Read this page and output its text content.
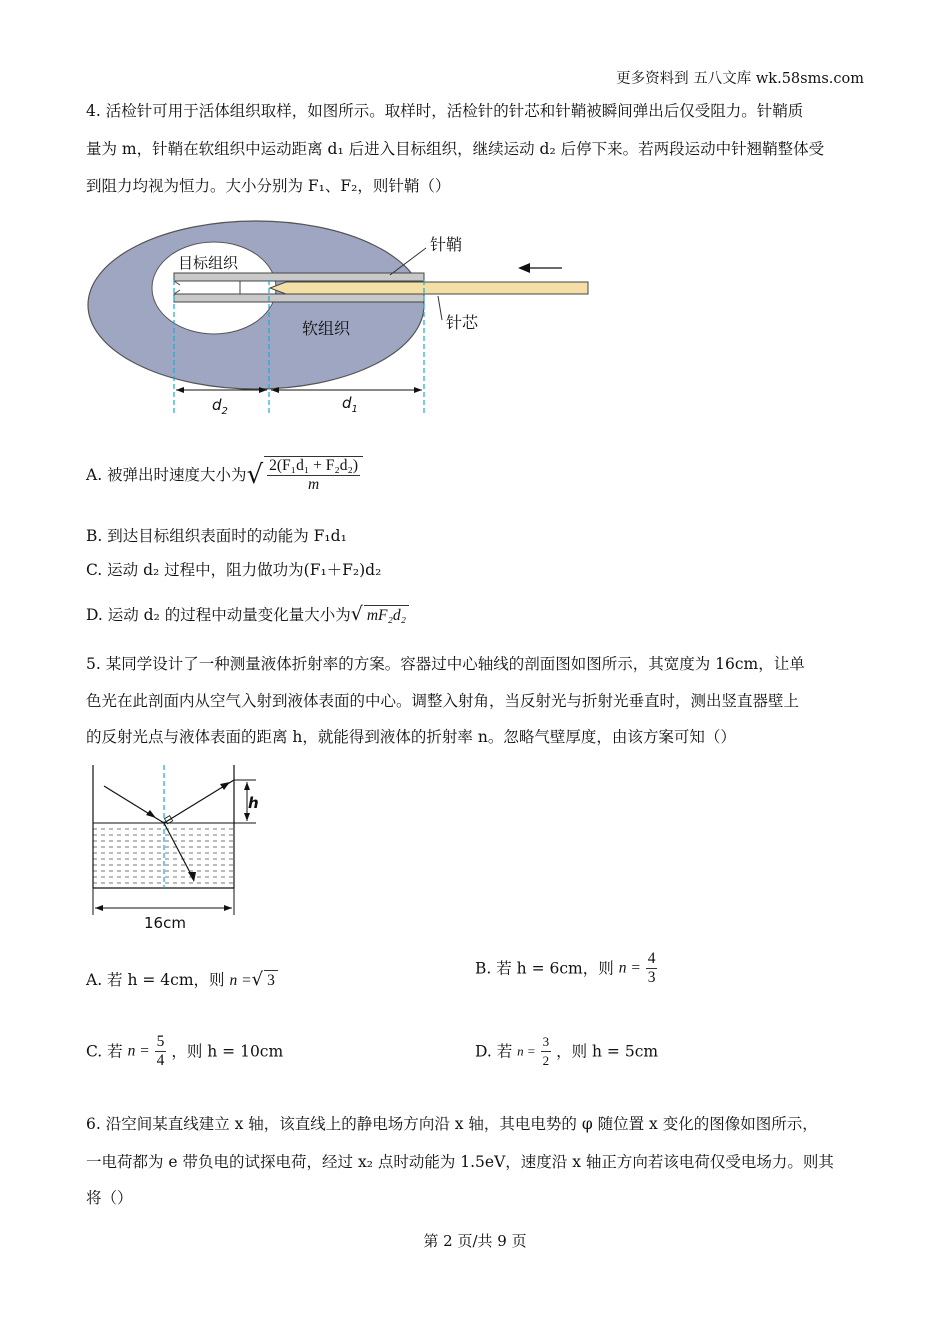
更多资料到 五八文库 wk.58sms.com
4. 活检针可用于活体组织取样，如图所示。取样时，活检针的针芯和针鞘被瞬间弹出后仅受阻力。针鞘质
量为 m，针鞘在软组织中运动距离 d₁ 后进入目标组织，继续运动 d₂ 后停下来。若两段运动中针翘鞘整体受
到阻力均视为恒力。大小分别为 F₁、F₂，则针鞘（）
目标组织
针鞘
针芯
软组织
$d_2$	$d_1$
A. 被弹出时速度大小为√ $\frac{\text{2(F₁d₁ + F₂d₂)}}{m}$
B. 到达目标组织表面时的动能为 F₁d₁
C. 运动 d₂ 过程中，阻力做功为(F₁＋F₂)d₂
D. 运动 d₂ 的过程中动量变化量大小为√ mF₂d₂
5. 某同学设计了一种测量液体折射率的方案。容器过中心轴线的剖面图如图所示，其宽度为 16cm，让单
色光在此剖面内从空气入射到液体表面的中心。调整入射角，当反射光与折射光垂直时，测出竖直器壁上
的反射光点与液体表面的距离 h，就能得到液体的折射率 n。忽略气壁厚度，由该方案可知（）
h
16cm
A. 若 h = 4cm，则 n =√ 3
B. 若 h = 6cm，则 $n = \frac{4}{3}$
C. 若 $n = \frac{5}{4}$ ，则 h = 10cm	D. 若 $n = \frac{3}{2}$ ，则 h = 5cm
6. 沿空间某直线建立 x 轴，该直线上的静电场方向沿 x 轴，其电电势的 φ 随位置 x 变化的图像如图所示，
一电荷都为 e 带负电的试探电荷，经过 x₂ 点时动能为 1.5eV，速度沿 x 轴正方向若该电荷仅受电场力。则其
将（）
第 2 页/共 9 页
